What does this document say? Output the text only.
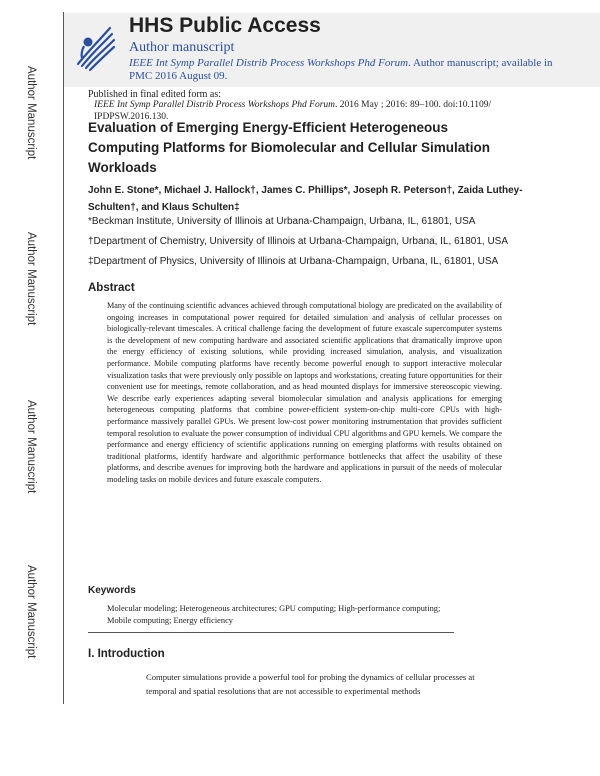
Author Manuscript
Author Manuscript
Author Manuscript
Author Manuscript
HHS Public Access
Author manuscript
IEEE Int Symp Parallel Distrib Process Workshops Phd Forum. Author manuscript; available in PMC 2016 August 09.
Published in final edited form as:
IEEE Int Symp Parallel Distrib Process Workshops Phd Forum. 2016 May ; 2016: 89–100. doi:10.1109/ IPDPSW.2016.130.
Evaluation of Emerging Energy-Efficient Heterogeneous Computing Platforms for Biomolecular and Cellular Simulation Workloads
John E. Stone*, Michael J. Hallock†, James C. Phillips*, Joseph R. Peterson†, Zaida Luthey-Schulten†, and Klaus Schulten‡
*Beckman Institute, University of Illinois at Urbana-Champaign, Urbana, IL, 61801, USA
†Department of Chemistry, University of Illinois at Urbana-Champaign, Urbana, IL, 61801, USA
‡Department of Physics, University of Illinois at Urbana-Champaign, Urbana, IL, 61801, USA
Abstract
Many of the continuing scientific advances achieved through computational biology are predicated on the availability of ongoing increases in computational power required for detailed simulation and analysis of cellular processes on biologically-relevant timescales. A critical challenge facing the development of future exascale supercomputer systems is the development of new computing hardware and associated scientific applications that dramatically improve upon the energy efficiency of existing solutions, while providing increased simulation, analysis, and visualization performance. Mobile computing platforms have recently become powerful enough to support interactive molecular visualization tasks that were previously only possible on laptops and workstations, creating future opportunities for their convenient use for meetings, remote collaboration, and as head mounted displays for immersive stereoscopic viewing. We describe early experiences adapting several biomolecular simulation and analysis applications for emerging heterogeneous computing platforms that combine power-efficient system-on-chip multi-core CPUs with high-performance massively parallel GPUs. We present low-cost power monitoring instrumentation that provides sufficient temporal resolution to evaluate the power consumption of individual CPU algorithms and GPU kernels. We compare the performance and energy efficiency of scientific applications running on emerging platforms with results obtained on traditional platforms, identify hardware and algorithmic performance bottlenecks that affect the usability of these platforms, and describe avenues for improving both the hardware and applications in pursuit of the needs of molecular modeling tasks on mobile devices and future exascale computers.
Keywords
Molecular modeling; Heterogeneous architectures; GPU computing; High-performance computing; Mobile computing; Energy efficiency
I. Introduction
Computer simulations provide a powerful tool for probing the dynamics of cellular processes at temporal and spatial resolutions that are not accessible to experimental methods
